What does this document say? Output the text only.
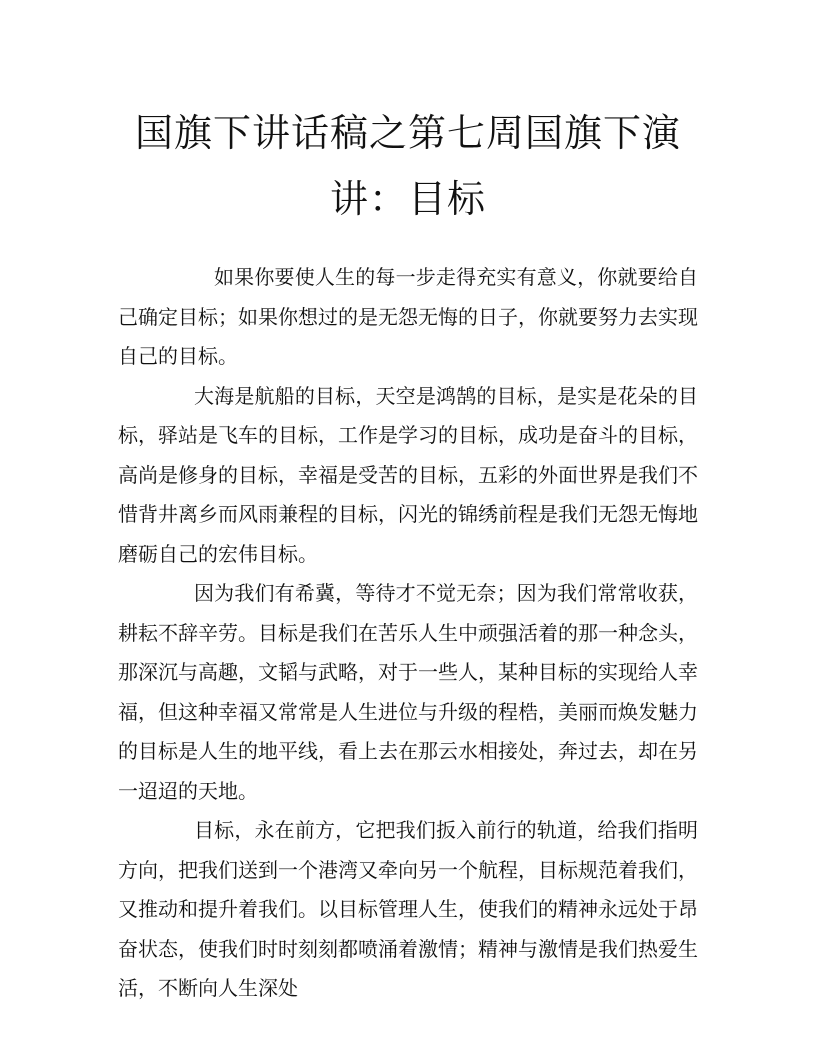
国旗下讲话稿之第七周国旗下演讲：目标

如果你要使人生的每一步走得充实有意义，你就要给自己确定目标；如果你想过的是无怨无悔的日子，你就要努力去实现自己的目标。

大海是航船的目标，天空是鸿鹄的目标，是实是花朵的目标，驿站是飞车的目标，工作是学习的目标，成功是奋斗的目标，高尚是修身的目标，幸福是受苦的目标，五彩的外面世界是我们不惜背井离乡而风雨兼程的目标，闪光的锦绣前程是我们无怨无悔地磨砺自己的宏伟目标。

因为我们有希冀，等待才不觉无奈；因为我们常常收获，耕耘不辞辛劳。目标是我们在苦乐人生中顽强活着的那一种念头，那深沉与高趣，文韬与武略，对于一些人，某种目标的实现给人幸福，但这种幸福又常常是人生进位与升级的程梏，美丽而焕发魅力的目标是人生的地平线，看上去在那云水相接处，奔过去，却在另一迢迢的天地。

目标，永在前方，它把我们扳入前行的轨道，给我们指明方向，把我们送到一个港湾又牵向另一个航程，目标规范着我们，又推动和提升着我们。以目标管理人生，使我们的精神永远处于昂奋状态，使我们时时刻刻都喷涌着激情；精神与激情是我们热爱生活，不断向人生深处
